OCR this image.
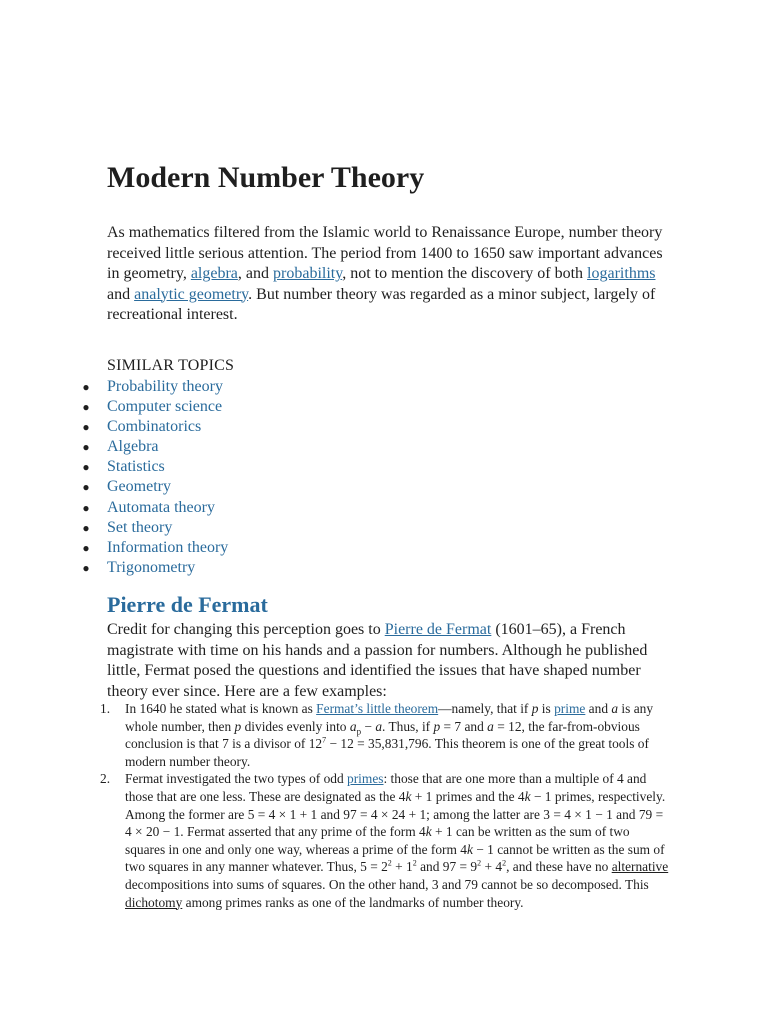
Modern Number Theory

As mathematics filtered from the Islamic world to Renaissance Europe, number theory received little serious attention. The period from 1400 to 1650 saw important advances in geometry, algebra, and probability, not to mention the discovery of both logarithms and analytic geometry. But number theory was regarded as a minor subject, largely of recreational interest.

SIMILAR TOPICS
● Probability theory
● Computer science
● Combinatorics
● Algebra
● Statistics
● Geometry
● Automata theory
● Set theory
● Information theory
● Trigonometry
Pierre de Fermat

Credit for changing this perception goes to Pierre de Fermat (1601–65), a French magistrate with time on his hands and a passion for numbers. Although he published little, Fermat posed the questions and identified the issues that have shaped number theory ever since. Here are a few examples:

1. In 1640 he stated what is known as Fermat’s little theorem—namely, that if p is prime and a is any whole number, then p divides evenly into $a_p - a$. Thus, if p = 7 and a = 12, the far-from-obvious conclusion is that 7 is a divisor of $12^7 - 12 = 35,831,796$. This theorem is one of the great tools of modern number theory.
2. Fermat investigated the two types of odd primes: those that are one more than a multiple of 4 and those that are one less. These are designated as the 4k + 1 primes and the 4k − 1 primes, respectively. Among the former are 5 = 4 × 1 + 1 and 97 = 4 × 24 + 1; among the latter are 3 = 4 × 1 − 1 and 79 = 4 × 20 − 1. Fermat asserted that any prime of the form 4k + 1 can be written as the sum of two squares in one and only one way, whereas a prime of the form 4k − 1 cannot be written as the sum of two squares in any manner whatever. Thus, $5 = 2^2 + 1^2$ and $97 = 9^2 + 4^2$, and these have no alternative decompositions into sums of squares. On the other hand, 3 and 79 cannot be so decomposed. This dichotomy among primes ranks as one of the landmarks of number theory.
